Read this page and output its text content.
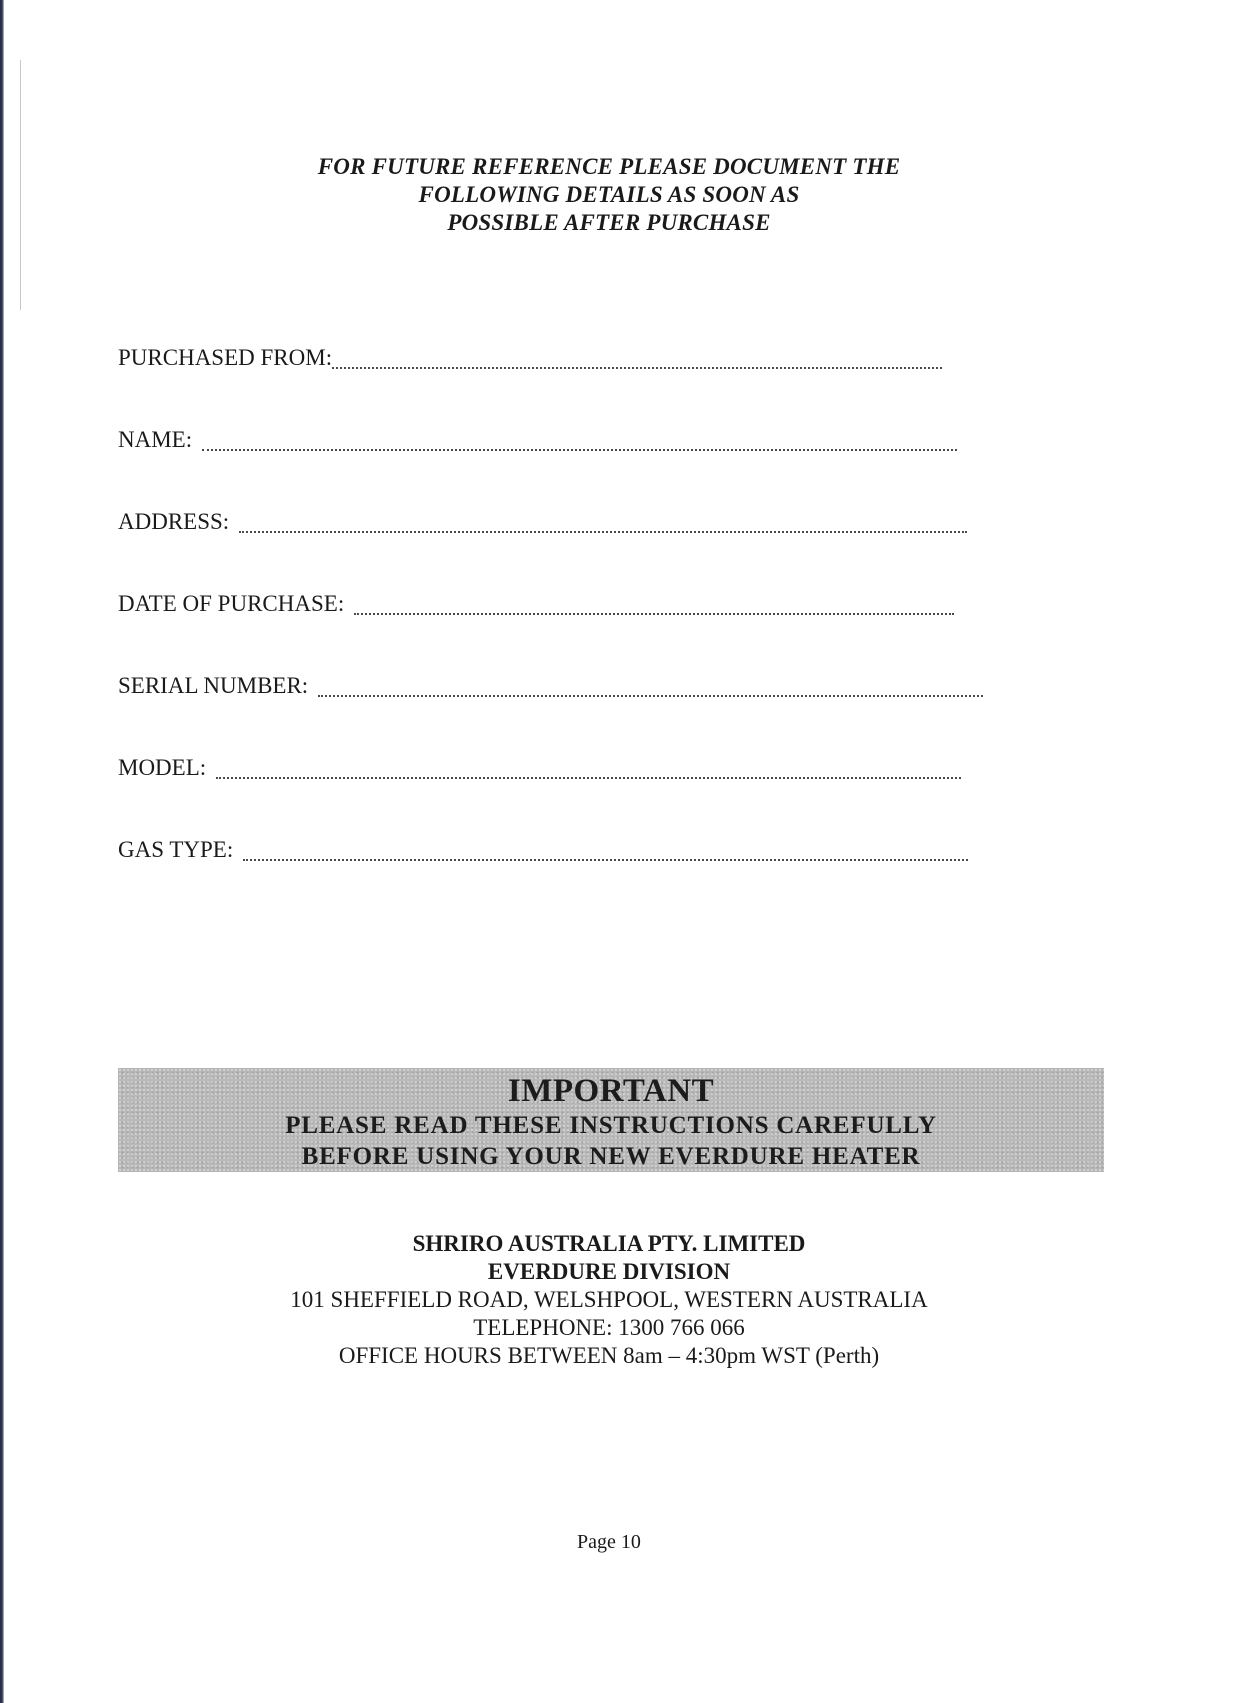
FOR FUTURE REFERENCE PLEASE DOCUMENT THE
FOLLOWING DETAILS AS SOON AS
POSSIBLE AFTER PURCHASE
PURCHASED FROM:
NAME:
ADDRESS:
DATE OF PURCHASE:
SERIAL NUMBER:
MODEL:
GAS TYPE:
IMPORTANT
PLEASE READ THESE INSTRUCTIONS CAREFULLY
BEFORE USING YOUR NEW EVERDURE HEATER
SHRIRO AUSTRALIA PTY. LIMITED
EVERDURE DIVISION
101 SHEFFIELD ROAD, WELSHPOOL, WESTERN AUSTRALIA
TELEPHONE: 1300 766 066
OFFICE HOURS BETWEEN 8am – 4:30pm WST (Perth)
Page 10
